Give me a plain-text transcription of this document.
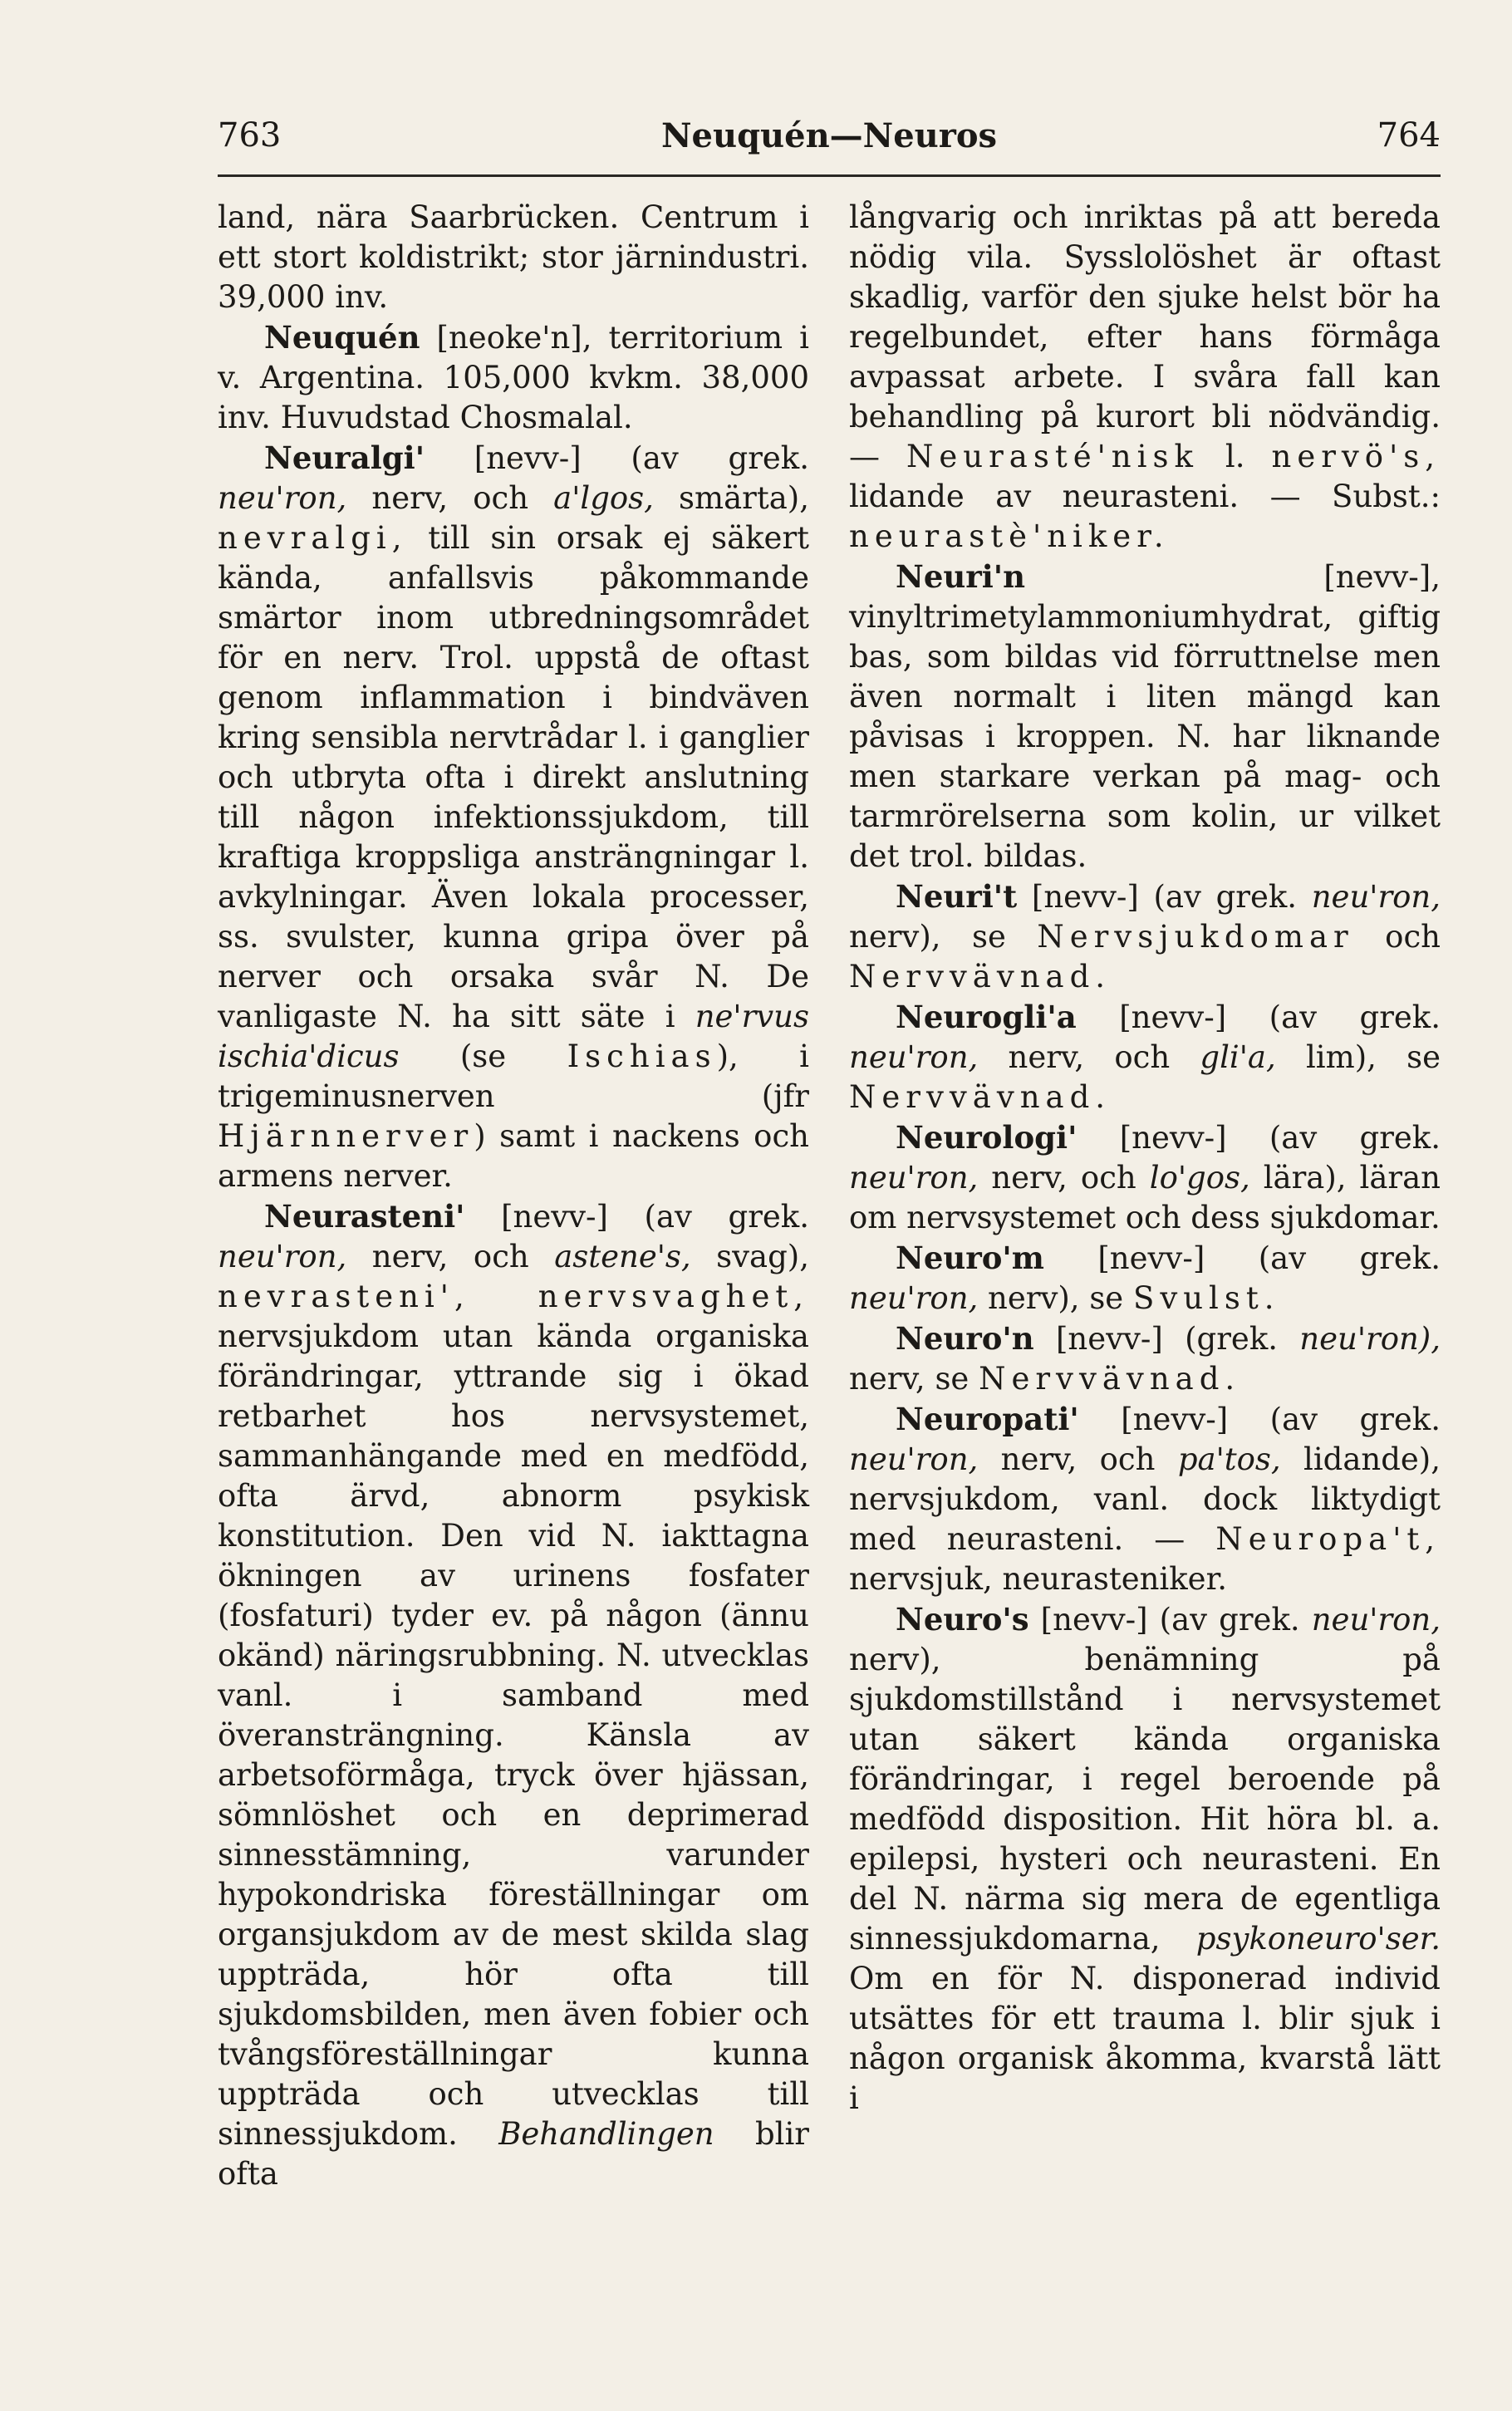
763	Neuquén—Neuros	764

land, nära Saarbrücken. Centrum i ett stort koldistrikt; stor järnindustri. 39,000 inv.

Neuquén [neoke'n], territorium i v. Argentina. 105,000 kvkm. 38,000 inv. Huvudstad Chosmalal.

Neuralgi' [nevv-] (av grek. neu'ron, nerv, och a'lgos, smärta), nevralgi, till sin orsak ej säkert kända, anfallsvis påkommande smärtor inom utbredningsområdet för en nerv. Trol. uppstå de oftast genom inflammation i bindväven kring sensibla nervtrådar l. i ganglier och utbryta ofta i direkt anslutning till någon infektionssjukdom, till kraftiga kroppsliga ansträngningar l. avkylningar. Även lokala processer, ss. svulster, kunna gripa över på nerver och orsaka svår N. De vanligaste N. ha sitt säte i ne'rvus ischia'dicus (se Ischias), i trigeminusnerven (jfr Hjärnnerver) samt i nackens och armens nerver.

Neurasteni' [nevv-] (av grek. neu'ron, nerv, och astene's, svag), nevrasteni', nervsvaghet, nervsjukdom utan kända organiska förändringar, yttrande sig i ökad retbarhet hos nervsystemet, sammanhängande med en medfödd, ofta ärvd, abnorm psykisk konstitution. Den vid N. iakttagna ökningen av urinens fosfater (fosfaturi) tyder ev. på någon (ännu okänd) näringsrubbning. N. utvecklas vanl. i samband med överansträngning. Känsla av arbetsoförmåga, tryck över hjässan, sömnlöshet och en deprimerad sinnesstämning, varunder hypokondriska föreställningar om organsjukdom av de mest skilda slag uppträda, hör ofta till sjukdomsbilden, men även fobier och tvångsföreställningar kunna uppträda och utvecklas till sinnessjukdom. Behandlingen blir ofta

långvarig och inriktas på att bereda nödig vila. Sysslolöshet är oftast skadlig, varför den sjuke helst bör ha regelbundet, efter hans förmåga avpassat arbete. I svåra fall kan behandling på kurort bli nödvändig. — Neurasté'nisk l. nervö's, lidande av neurasteni. — Subst.: neurastè'niker.

Neuri'n [nevv-], vinyltrimetylammoniumhydrat, giftig bas, som bildas vid förruttnelse men även normalt i liten mängd kan påvisas i kroppen. N. har liknande men starkare verkan på mag- och tarmrörelserna som kolin, ur vilket det trol. bildas.

Neuri't [nevv-] (av grek. neu'ron, nerv), se Nervsjukdomar och Nervvävnad.

Neurogli'a [nevv-] (av grek. neu'ron, nerv, och gli'a, lim), se Nervvävnad.

Neurologi' [nevv-] (av grek. neu'ron, nerv, och lo'gos, lära), läran om nervsystemet och dess sjukdomar.

Neuro'm [nevv-] (av grek. neu'ron, nerv), se Svulst.

Neuro'n [nevv-] (grek. neu'ron), nerv, se Nervvävnad.

Neuropati' [nevv-] (av grek. neu'ron, nerv, och pa'tos, lidande), nervsjukdom, vanl. dock liktydigt med neurasteni. — Neuropa't, nervsjuk, neurasteniker.

Neuro's [nevv-] (av grek. neu'ron, nerv), benämning på sjukdomstillstånd i nervsystemet utan säkert kända organiska förändringar, i regel beroende på medfödd disposition. Hit höra bl. a. epilepsi, hysteri och neurasteni. En del N. närma sig mera de egentliga sinnessjukdomarna, psykoneuro'ser. Om en för N. disponerad individ utsättes för ett trauma l. blir sjuk i någon organisk åkomma, kvarstå lätt i
